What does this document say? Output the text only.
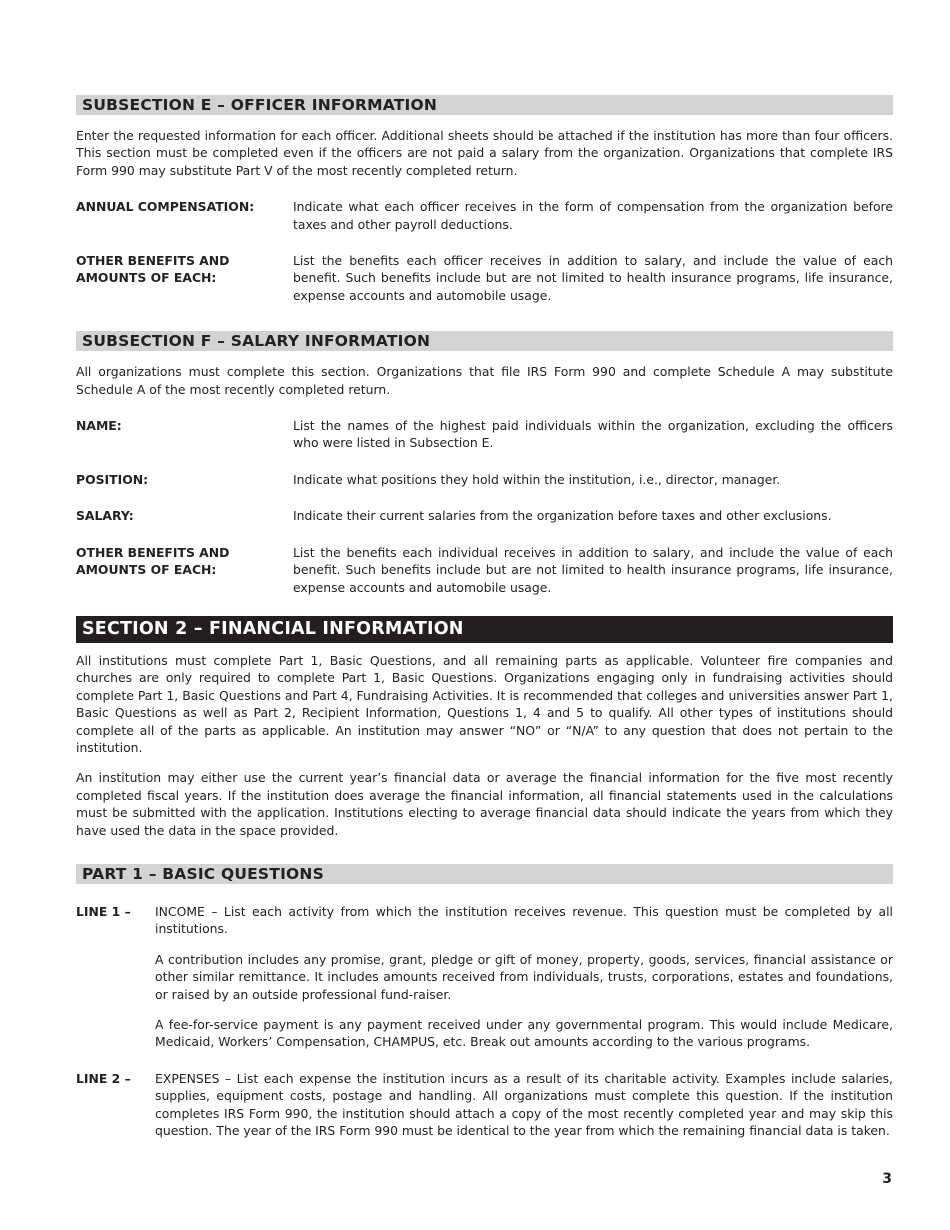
SUBSECTION E – OFFICER INFORMATION

Enter the requested information for each officer. Additional sheets should be attached if the institution has more than four officers. This section must be completed even if the officers are not paid a salary from the organization. Organizations that complete IRS Form 990 may substitute Part V of the most recently completed return.

ANNUAL COMPENSATION:	Indicate what each officer receives in the form of compensation from the organization before taxes and other payroll deductions.
OTHER BENEFITS AND AMOUNTS OF EACH:
List the benefits each officer receives in addition to salary, and include the value of each benefit. Such benefits include but are not limited to health insurance programs, life insurance, expense accounts and automobile usage.
SUBSECTION F – SALARY INFORMATION

All organizations must complete this section. Organizations that file IRS Form 990 and complete Schedule A may substitute Schedule A of the most recently completed return.

NAME:	List the names of the highest paid individuals within the organization, excluding the officers who were listed in Subsection E.
POSITION:	Indicate what positions they hold within the institution, i.e., director, manager.
SALARY:	Indicate their current salaries from the organization before taxes and other exclusions.
OTHER BENEFITS AND AMOUNTS OF EACH:
List the benefits each individual receives in addition to salary, and include the value of each benefit. Such benefits include but are not limited to health insurance programs, life insurance, expense accounts and automobile usage.
SECTION 2 – FINANCIAL INFORMATION

All institutions must complete Part 1, Basic Questions, and all remaining parts as applicable. Volunteer fire companies and churches are only required to complete Part 1, Basic Questions. Organizations engaging only in fundraising activities should complete Part 1, Basic Questions and Part 4, Fundraising Activities. It is recommended that colleges and universities answer Part 1, Basic Questions as well as Part 2, Recipient Information, Questions 1, 4 and 5 to qualify. All other types of institutions should complete all of the parts as applicable. An institution may answer “NO” or “N/A” to any question that does not pertain to the institution.

An institution may either use the current year’s financial data or average the financial information for the five most recently completed fiscal years. If the institution does average the financial information, all financial statements used in the calculations must be submitted with the application. Institutions electing to average financial data should indicate the years from which they have used the data in the space provided.

PART 1 – BASIC QUESTIONS
LINE 1 –	INCOME – List each activity from which the institution receives revenue. This question must be completed by all institutions.

A contribution includes any promise, grant, pledge or gift of money, property, goods, services, financial assistance or other similar remittance. It includes amounts received from individuals, trusts, corporations, estates and foundations, or raised by an outside professional fund-raiser.

A fee-for-service payment is any payment received under any governmental program. This would include Medicare, Medicaid, Workers’ Compensation, CHAMPUS, etc. Break out amounts according to the various programs.

LINE 2 –	EXPENSES – List each expense the institution incurs as a result of its charitable activity. Examples include salaries, supplies, equipment costs, postage and handling. All organizations must complete this question. If the institution completes IRS Form 990, the institution should attach a copy of the most recently completed year and may skip this question. The year of the IRS Form 990 must be identical to the year from which the remaining financial data is taken.

3
